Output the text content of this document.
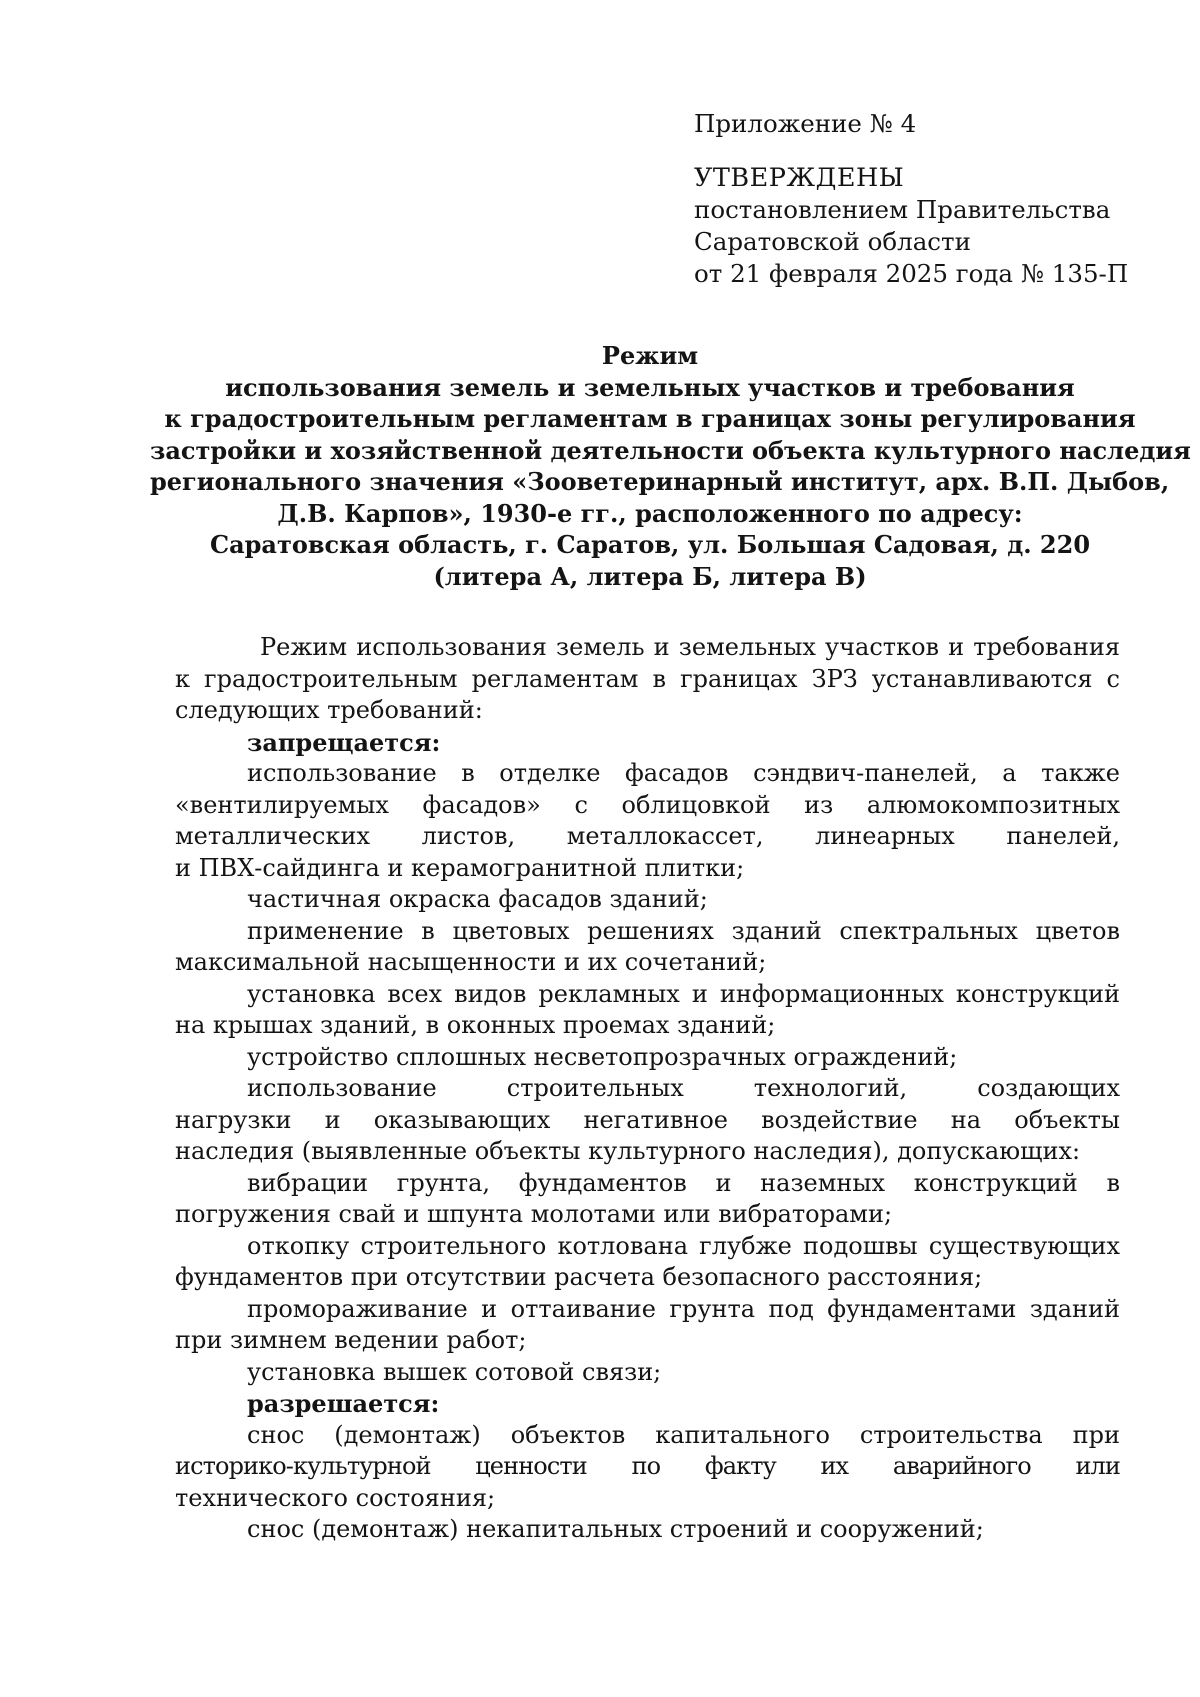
Приложение № 4
УТВЕРЖДЕНЫ
постановлением Правительства
Саратовской области
от 21 февраля 2025 года № 135-П
Режим
использования земель и земельных участков и требования
к градостроительным регламентам в границах зоны регулирования
застройки и хозяйственной деятельности объекта культурного наследия
регионального значения «Зооветеринарный институт, арх. В.П. Дыбов,
Д.В. Карпов», 1930-е гг., расположенного по адресу:
Саратовская область, г. Саратов, ул. Большая Садовая, д. 220
(литера А, литера Б, литера В)
Режим использования земель и земельных участков и требования
к градостроительным регламентам в границах ЗРЗ устанавливаются с
следующих требований:
запрещается:
использование в отделке фасадов сэндвич-панелей, а также
«вентилируемых фасадов» с облицовкой из алюмокомпозитных
металлических листов, металлокассет, линеарных панелей,
и ПВХ-сайдинга и керамогранитной плитки;
частичная окраска фасадов зданий;
применение в цветовых решениях зданий спектральных цветов
максимальной насыщенности и их сочетаний;
установка всех видов рекламных и информационных конструкций
на крышах зданий, в оконных проемах зданий;
устройство сплошных несветопрозрачных ограждений;
использование строительных технологий, создающих
нагрузки и оказывающих негативное воздействие на объекты
наследия (выявленные объекты культурного наследия), допускающих:
вибрации грунта, фундаментов и наземных конструкций в
погружения свай и шпунта молотами или вибраторами;
откопку строительного котлована глубже подошвы существующих
фундаментов при отсутствии расчета безопасного расстояния;
промораживание и оттаивание грунта под фундаментами зданий
при зимнем ведении работ;
установка вышек сотовой связи;
разрешается:
снос (демонтаж) объектов капитального строительства при
историко-культурной ценности по факту их аварийного или
технического состояния;
снос (демонтаж) некапитальных строений и сооружений;
